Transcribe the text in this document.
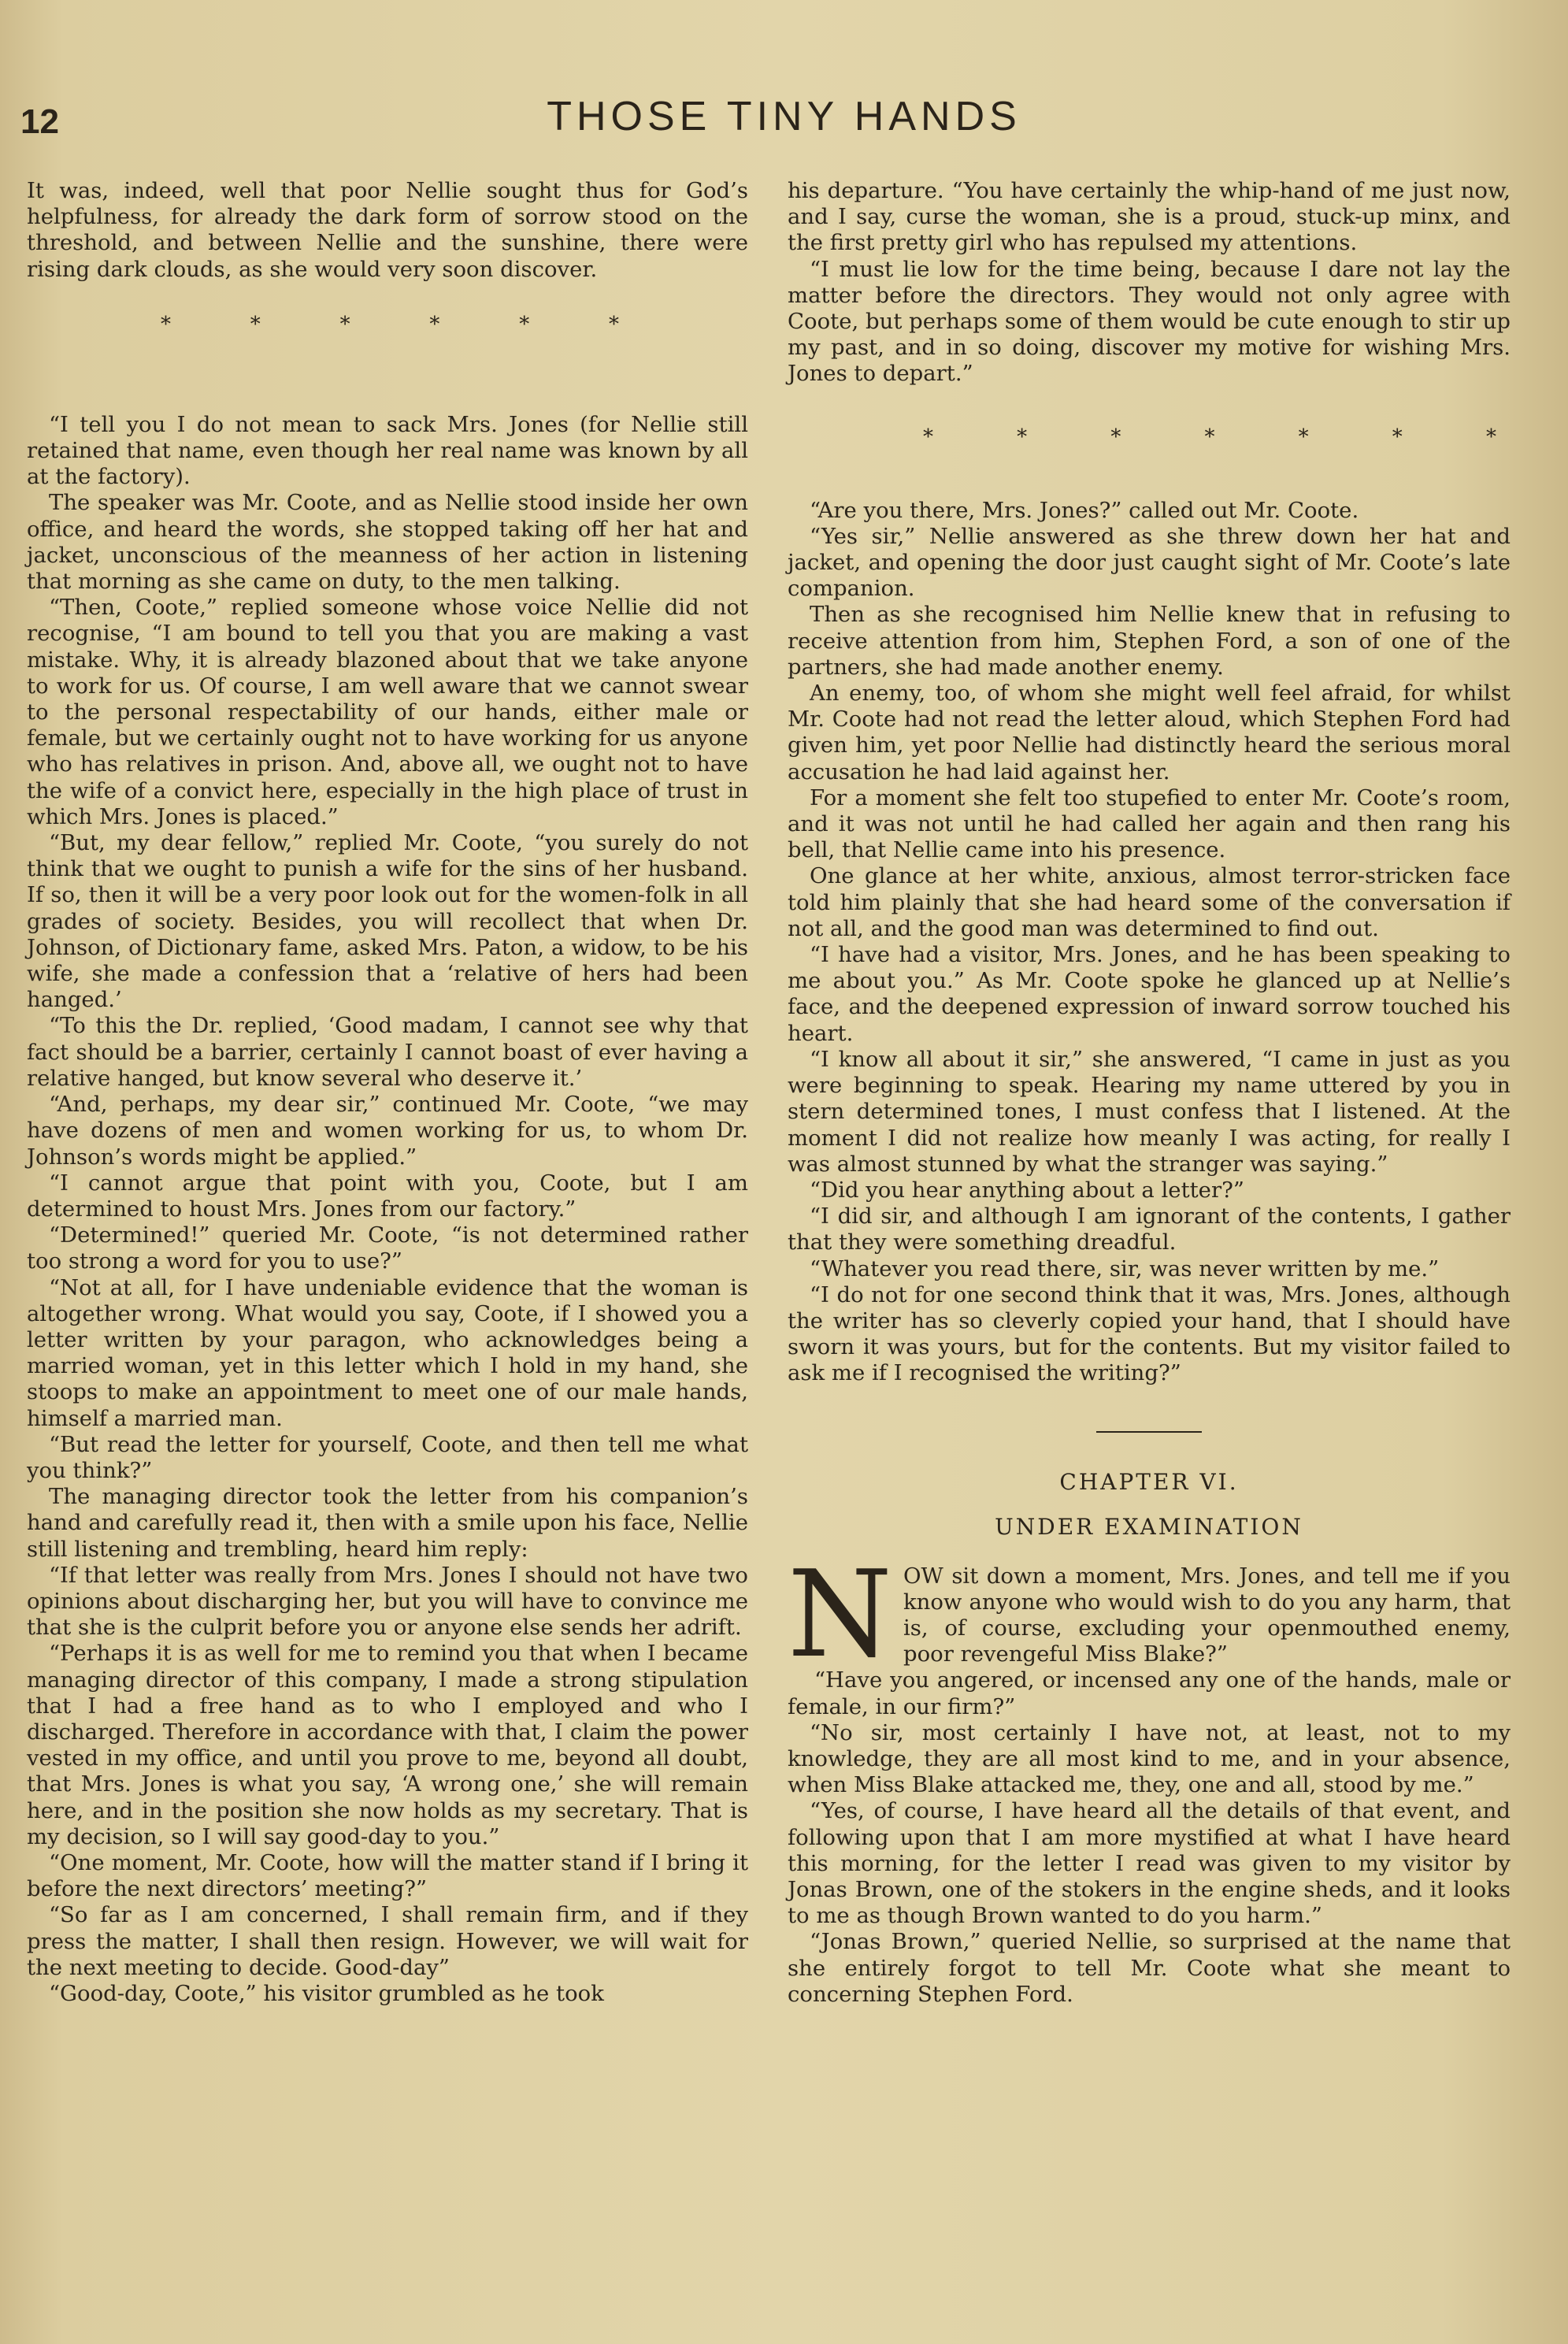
12	THOSE TINY HANDS

It was, indeed, well that poor Nellie sought thus for God’s helpfulness, for already the dark form of sorrow stood on the threshold, and between Nellie and the sunshine, there were rising dark clouds, as she would very soon discover.

*	*	*	*	*	*

“I tell you I do not mean to sack Mrs. Jones (for Nellie still retained that name, even though her real name was known by all at the factory).

The speaker was Mr. Coote, and as Nellie stood inside her own office, and heard the words, she stopped taking off her hat and jacket, unconscious of the meanness of her action in listening that morning as she came on duty, to the men talking.

“Then, Coote,” replied someone whose voice Nellie did not recognise, “I am bound to tell you that you are making a vast mistake. Why, it is already blazoned about that we take anyone to work for us. Of course, I am well aware that we cannot swear to the personal respectability of our hands, either male or female, but we certainly ought not to have working for us anyone who has relatives in prison. And, above all, we ought not to have the wife of a convict here, especially in the high place of trust in which Mrs. Jones is placed.”

“But, my dear fellow,” replied Mr. Coote, “you surely do not think that we ought to punish a wife for the sins of her husband. If so, then it will be a very poor look out for the women-folk in all grades of society. Besides, you will recollect that when Dr. Johnson, of Dictionary fame, asked Mrs. Paton, a widow, to be his wife, she made a confession that a ‘relative of hers had been hanged.’

“To this the Dr. replied, ‘Good madam, I cannot see why that fact should be a barrier, certainly I cannot boast of ever having a relative hanged, but know several who deserve it.’

“And, perhaps, my dear sir,” continued Mr. Coote, “we may have dozens of men and women working for us, to whom Dr. Johnson’s words might be applied.”

“I cannot argue that point with you, Coote, but I am determined to houst Mrs. Jones from our factory.”

“Determined!” queried Mr. Coote, “is not determined rather too strong a word for you to use?”

“Not at all, for I have undeniable evidence that the woman is altogether wrong. What would you say, Coote, if I showed you a letter written by your paragon, who acknowledges being a married woman, yet in this letter which I hold in my hand, she stoops to make an appointment to meet one of our male hands, himself a married man.

“But read the letter for yourself, Coote, and then tell me what you think?”

The managing director took the letter from his companion’s hand and carefully read it, then with a smile upon his face, Nellie still listening and trembling, heard him reply:

“If that letter was really from Mrs. Jones I should not have two opinions about discharging her, but you will have to convince me that she is the culprit before you or anyone else sends her adrift.

“Perhaps it is as well for me to remind you that when I became managing director of this company, I made a strong stipulation that I had a free hand as to who I employed and who I discharged. Therefore in accordance with that, I claim the power vested in my office, and until you prove to me, beyond all doubt, that Mrs. Jones is what you say, ‘A wrong one,’ she will remain here, and in the position she now holds as my secretary. That is my decision, so I will say good-day to you.”

“One moment, Mr. Coote, how will the matter stand if I bring it before the next directors’ meeting?”

“So far as I am concerned, I shall remain firm, and if they press the matter, I shall then resign. However, we will wait for the next meeting to decide. Good-day”

“Good-day, Coote,” his visitor grumbled as he took

his departure. “You have certainly the whip-hand of me just now, and I say, curse the woman, she is a proud, stuck-up minx, and the first pretty girl who has repulsed my attentions.

“I must lie low for the time being, because I dare not lay the matter before the directors. They would not only agree with Coote, but perhaps some of them would be cute enough to stir up my past, and in so doing, discover my motive for wishing Mrs. Jones to depart.”

*	*	*	*	*	*	*

“Are you there, Mrs. Jones?” called out Mr. Coote.

“Yes sir,” Nellie answered as she threw down her hat and jacket, and opening the door just caught sight of Mr. Coote’s late companion.

Then as she recognised him Nellie knew that in refusing to receive attention from him, Stephen Ford, a son of one of the partners, she had made another enemy.

An enemy, too, of whom she might well feel afraid, for whilst Mr. Coote had not read the letter aloud, which Stephen Ford had given him, yet poor Nellie had distinctly heard the serious moral accusation he had laid against her.

For a moment she felt too stupefied to enter Mr. Coote’s room, and it was not until he had called her again and then rang his bell, that Nellie came into his presence.

One glance at her white, anxious, almost terror-stricken face told him plainly that she had heard some of the conversation if not all, and the good man was determined to find out.

“I have had a visitor, Mrs. Jones, and he has been speaking to me about you.” As Mr. Coote spoke he glanced up at Nellie’s face, and the deepened expression of inward sorrow touched his heart.

“I know all about it sir,” she answered, “I came in just as you were beginning to speak. Hearing my name uttered by you in stern determined tones, I must confess that I listened. At the moment I did not realize how meanly I was acting, for really I was almost stunned by what the stranger was saying.”

“Did you hear anything about a letter?”

“I did sir, and although I am ignorant of the contents, I gather that they were something dreadful.

“Whatever you read there, sir, was never written by me.”

“I do not for one second think that it was, Mrs. Jones, although the writer has so cleverly copied your hand, that I should have sworn it was yours, but for the contents. But my visitor failed to ask me if I recognised the writing?”

CHAPTER VI.

UNDER EXAMINATION

N OW sit down a moment, Mrs. Jones, and tell me if you know anyone who would wish to do you any harm, that is, of course, excluding your openmouthed enemy, poor revengeful Miss Blake?”

“Have you angered, or incensed any one of the hands, male or female, in our firm?”

“No sir, most certainly I have not, at least, not to my knowledge, they are all most kind to me, and in your absence, when Miss Blake attacked me, they, one and all, stood by me.”

“Yes, of course, I have heard all the details of that event, and following upon that I am more mystified at what I have heard this morning, for the letter I read was given to my visitor by Jonas Brown, one of the stokers in the engine sheds, and it looks to me as though Brown wanted to do you harm.”

“Jonas Brown,” queried Nellie, so surprised at the name that she entirely forgot to tell Mr. Coote what she meant to concerning Stephen Ford.
